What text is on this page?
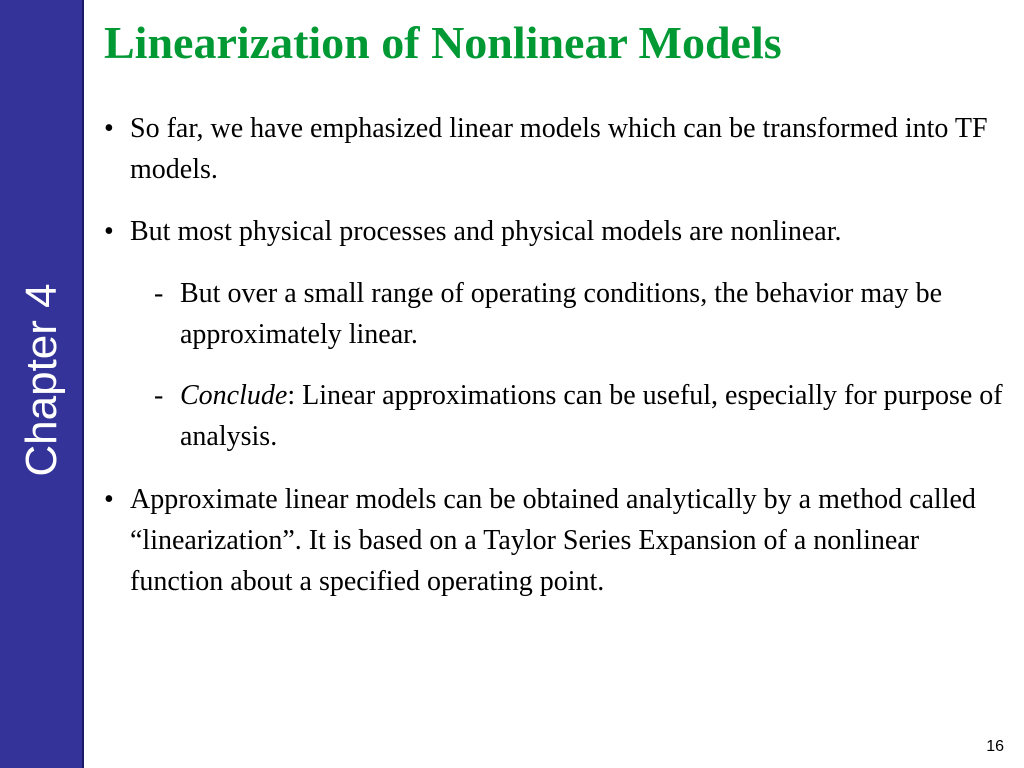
Chapter 4
Linearization of Nonlinear Models
• So far, we have emphasized linear models which can be transformed into TF models.
• But most physical processes and physical models are nonlinear.
- But over a small range of operating conditions, the behavior may be approximately linear.
- Conclude: Linear approximations can be useful, especially for purpose of analysis.
• Approximate linear models can be obtained analytically by a method called “linearization”. It is based on a Taylor Series Expansion of a nonlinear function about a specified operating point.
16
